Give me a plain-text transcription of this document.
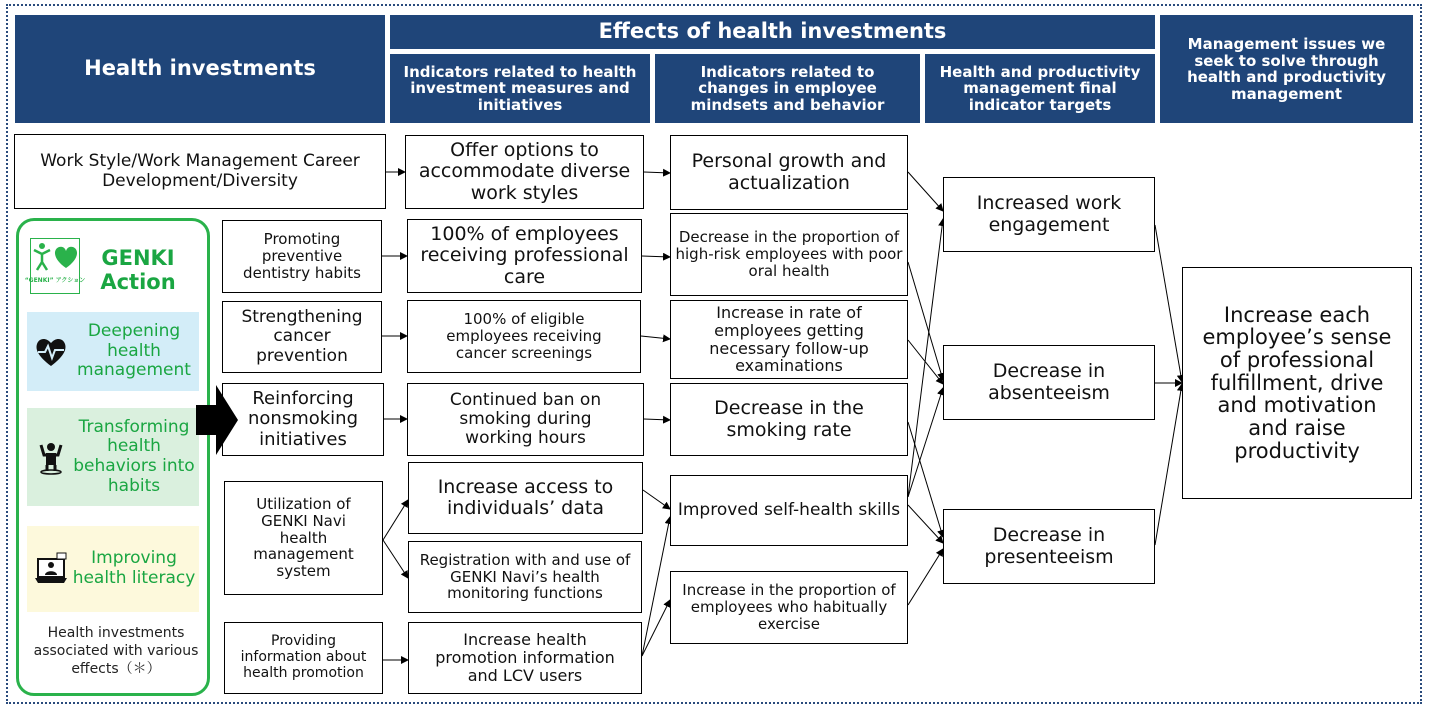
Health investments
Effects of health investments
Indicators related to health investment measures and initiatives
Indicators related to changes in employee mindsets and behavior
Health and productivity management final indicator targets
Management issues we seek to solve through health and productivity management
Work Style/Work Management Career Development/Diversity
Promoting preventive dentistry habits
Strengthening cancer prevention
Reinforcing nonsmoking initiatives
Utilization of GENKI Navi health management system
Providing information about health promotion
Offer options to accommodate diverse work styles
100% of employees receiving professional care
100% of eligible employees receiving cancer screenings
Continued ban on smoking during working hours
Increase access to individuals’ data
Registration with and use of GENKI Navi’s health monitoring functions
Increase health promotion information and LCV users
Personal growth and actualization
Decrease in the proportion of high-risk employees with poor oral health
Increase in rate of employees getting necessary follow-up examinations
Decrease in the smoking rate
Improved self-health skills
Increase in the proportion of employees who habitually exercise
Increased work engagement
Decrease in absenteeism
Decrease in presenteeism
Increase each employee’s sense of professional fulfillment, drive and motivation and raise productivity
“GENKI” アクション
GENKI Action
Deepening health management
Transforming health behaviors into habits
Improving health literacy
Health investments associated with various effects（＊）
